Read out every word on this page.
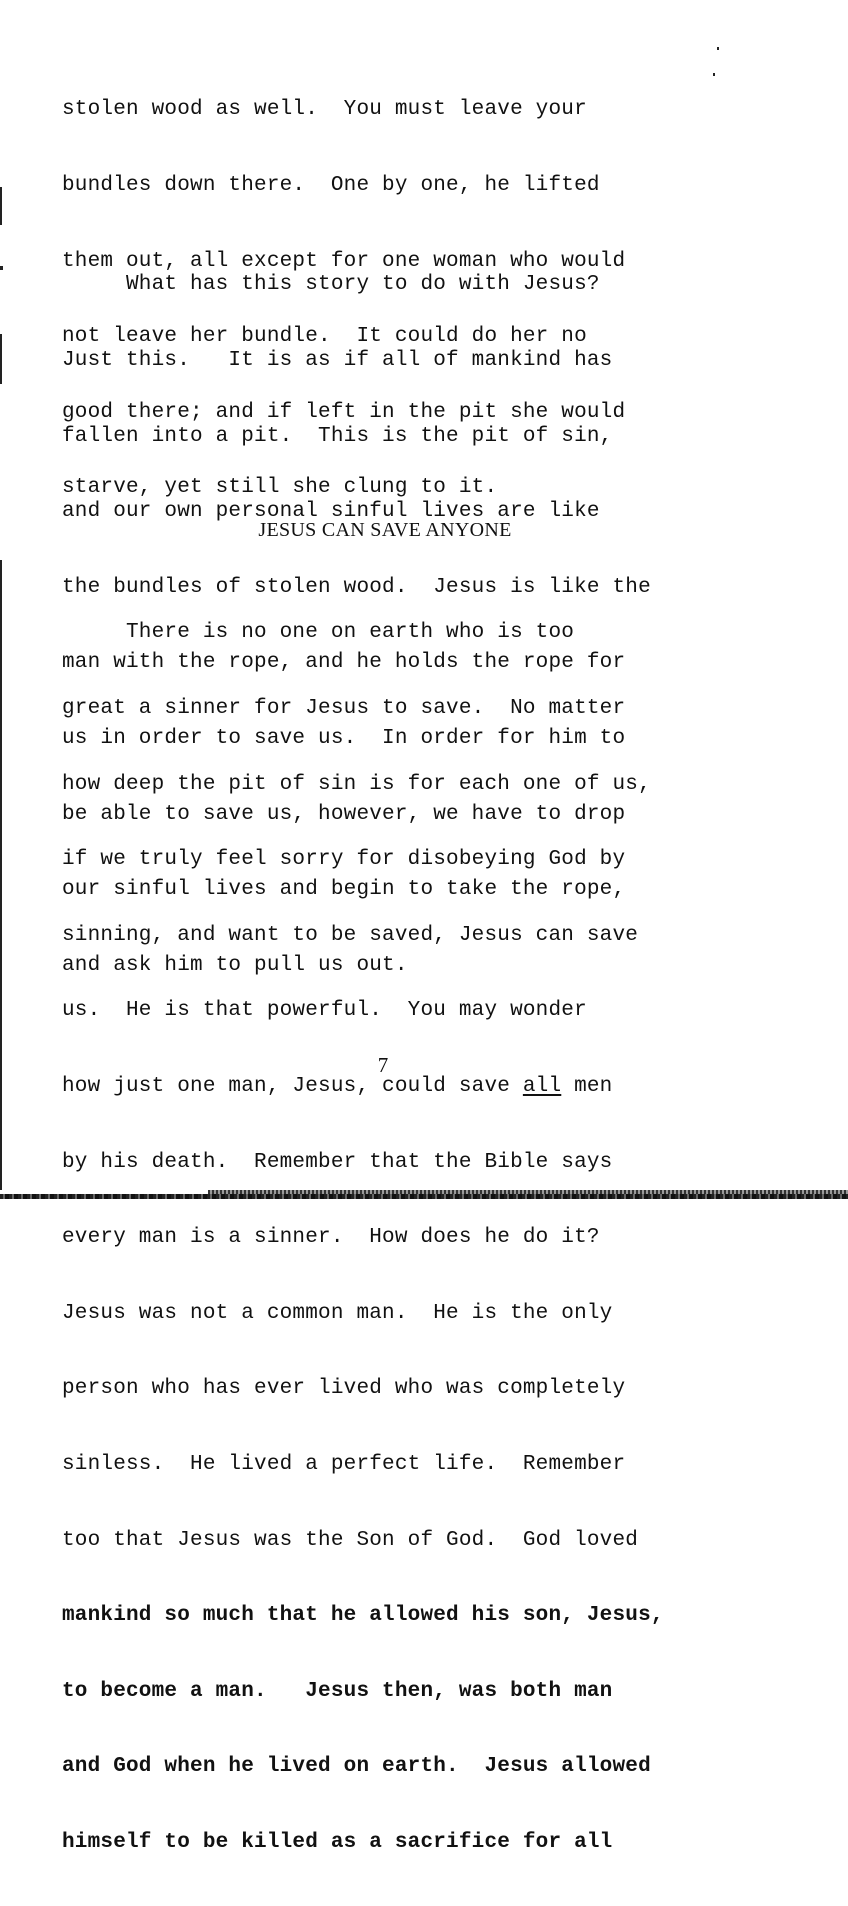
stolen wood as well.  You must leave your

bundles down there.  One by one, he lifted

them out, all except for one woman who would

not leave her bundle.  It could do her no

good there; and if left in the pit she would

starve, yet still she clung to it.

What has this story to do with Jesus?

Just this.   It is as if all of mankind has

fallen into a pit.  This is the pit of sin,

and our own personal sinful lives are like

the bundles of stolen wood.  Jesus is like the

man with the rope, and he holds the rope for

us in order to save us.  In order for him to

be able to save us, however, we have to drop

our sinful lives and begin to take the rope,

and ask him to pull us out.

JESUS CAN SAVE ANYONE

There is no one on earth who is too

great a sinner for Jesus to save.  No matter

how deep the pit of sin is for each one of us,

if we truly feel sorry for disobeying God by

sinning, and want to be saved, Jesus can save

us.  He is that powerful.  You may wonder

how just one man, Jesus, could save all men

by his death.  Remember that the Bible says

every man is a sinner.  How does he do it?

Jesus was not a common man.  He is the only

person who has ever lived who was completely

sinless.  He lived a perfect life.  Remember

too that Jesus was the Son of God.  God loved

mankind so much that he allowed his son, Jesus,

to become a man.   Jesus then, was both man

and God when he lived on earth.  Jesus allowed

himself to be killed as a sacrifice for all

7
